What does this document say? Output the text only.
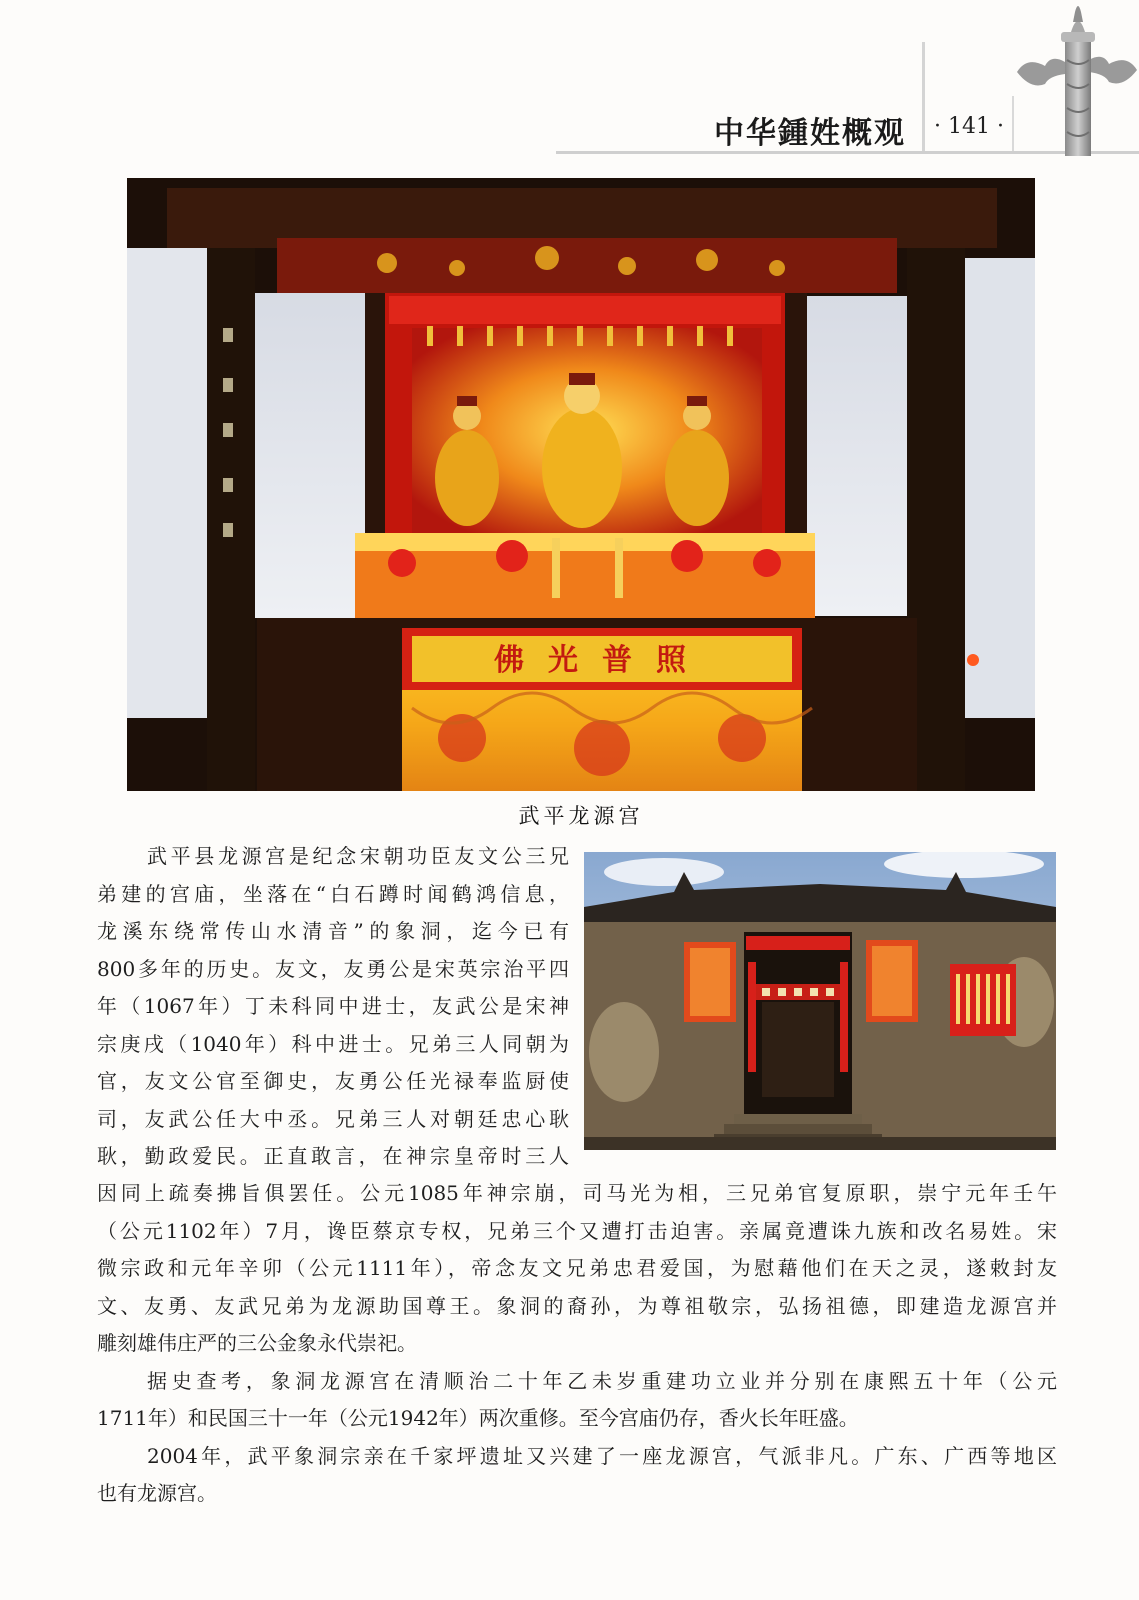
中华鍾姓概观	· 141 ·
佛光普照
武平龙源宫
武平县龙源宫是纪念宋朝功臣友文公三兄
弟建的宫庙，坐落在“白石蹲时闻鹤鸿信息，
龙溪东绕常传山水清音”的象洞，迄今已有
800多年的历史。友文，友勇公是宋英宗治平四
年（1067年）丁未科同中进士，友武公是宋神
宗庚戌（1040年）科中进士。兄弟三人同朝为
官，友文公官至御史，友勇公任光禄奉监厨使
司，友武公任大中丞。兄弟三人对朝廷忠心耿
耿，勤政爱民。正直敢言，在神宗皇帝时三人
因同上疏奏拂旨俱罢任。公元1085年神宗崩，司马光为相，三兄弟官复原职，崇宁元年壬午
（公元1102年）7月，谗臣蔡京专权，兄弟三个又遭打击迫害。亲属竟遭诛九族和改名易姓。宋
微宗政和元年辛卯（公元1111年），帝念友文兄弟忠君爱国，为慰藉他们在天之灵，遂敕封友
文、友勇、友武兄弟为龙源助国尊王。象洞的裔孙，为尊祖敬宗，弘扬祖德，即建造龙源宫并
雕刻雄伟庄严的三公金象永代崇祀。
据史查考，象洞龙源宫在清顺治二十年乙未岁重建功立业并分别在康熙五十年（公元
1711年）和民国三十一年（公元1942年）两次重修。至今宫庙仍存，香火长年旺盛。
2004年，武平象洞宗亲在千家坪遗址又兴建了一座龙源宫，气派非凡。广东、广西等地区
也有龙源宫。
